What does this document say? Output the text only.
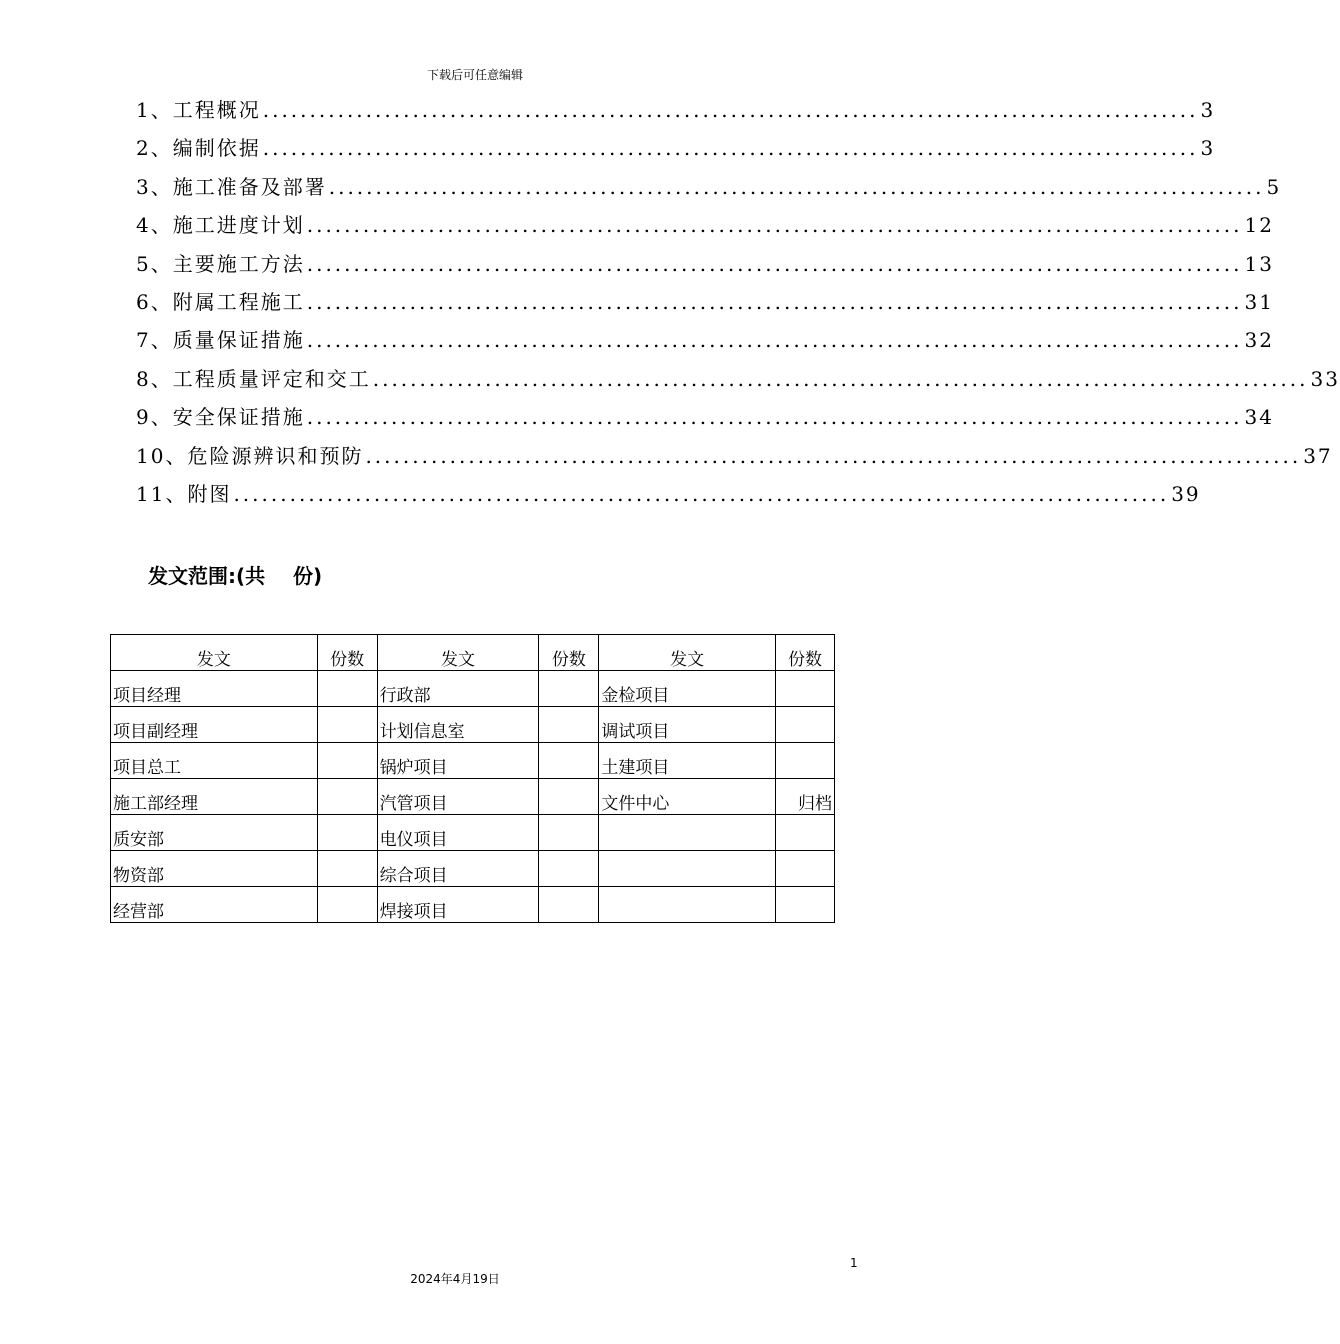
下载后可任意编辑
1、工程概况 .................................................................................................... 3
2、编制依据 .................................................................................................... 3
3、施工准备及部署 .................................................................................................... 5
4、施工进度计划 .................................................................................................... 12
5、主要施工方法 .................................................................................................... 13
6、附属工程施工 .................................................................................................... 31
7、质量保证措施 .................................................................................................... 32
8、工程质量评定和交工 .................................................................................................... 33
9、安全保证措施 .................................................................................................... 34
10、危险源辨识和预防 .................................................................................................... 37
11、附图 .................................................................................................... 39
发文范围:(共    份)
发文	份数	发文	份数	发文	份数
项目经理		行政部		金检项目	
项目副经理		计划信息室		调试项目	
项目总工		锅炉项目		土建项目	
施工部经理		汽管项目		文件中心	归档
质安部		电仪项目			
物资部		综合项目			
经营部		焊接项目			
1
2024年4月19日
